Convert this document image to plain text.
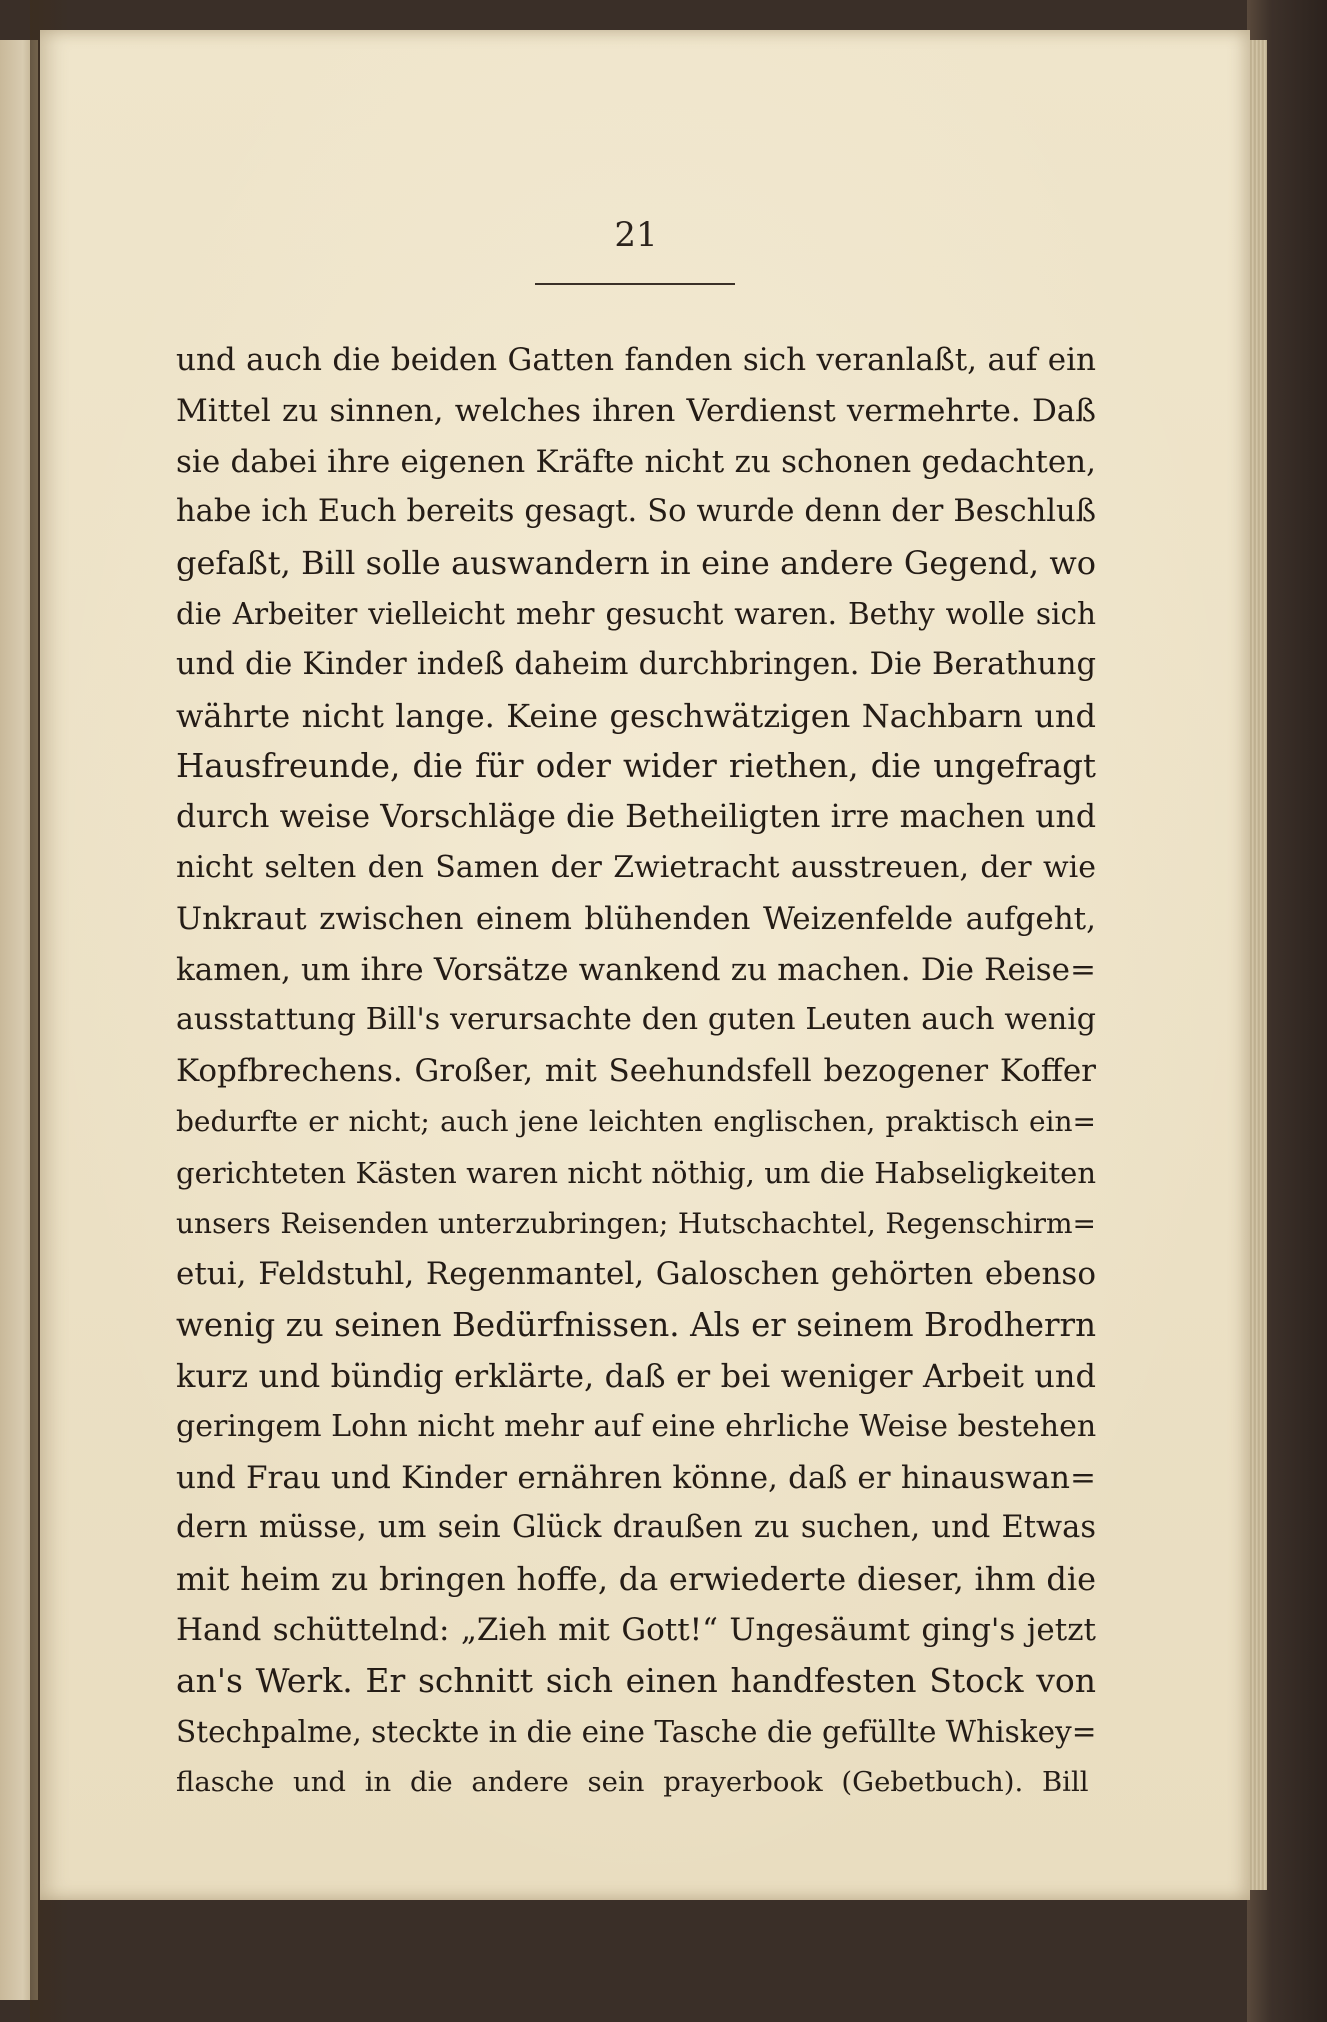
21
und auch die beiden Gatten fanden sich veranlaßt, auf ein
Mittel zu sinnen, welches ihren Verdienst vermehrte. Daß
sie dabei ihre eigenen Kräfte nicht zu schonen gedachten,
habe ich Euch bereits gesagt. So wurde denn der Beschluß
gefaßt, Bill solle auswandern in eine andere Gegend, wo
die Arbeiter vielleicht mehr gesucht waren. Bethy wolle sich
und die Kinder indeß daheim durchbringen. Die Berathung
währte nicht lange. Keine geschwätzigen Nachbarn und
Hausfreunde, die für oder wider riethen, die ungefragt
durch weise Vorschläge die Betheiligten irre machen und
nicht selten den Samen der Zwietracht ausstreuen, der wie
Unkraut zwischen einem blühenden Weizenfelde aufgeht,
kamen, um ihre Vorsätze wankend zu machen. Die Reise=
ausstattung Bill's verursachte den guten Leuten auch wenig
Kopfbrechens. Großer, mit Seehundsfell bezogener Koffer
bedurfte er nicht; auch jene leichten englischen, praktisch ein=
gerichteten Kästen waren nicht nöthig, um die Habseligkeiten
unsers Reisenden unterzubringen; Hutschachtel, Regenschirm=
etui, Feldstuhl, Regenmantel, Galoschen gehörten ebenso
wenig zu seinen Bedürfnissen. Als er seinem Brodherrn
kurz und bündig erklärte, daß er bei weniger Arbeit und
geringem Lohn nicht mehr auf eine ehrliche Weise bestehen
und Frau und Kinder ernähren könne, daß er hinauswan=
dern müsse, um sein Glück draußen zu suchen, und Etwas
mit heim zu bringen hoffe, da erwiederte dieser, ihm die
Hand schüttelnd: „Zieh mit Gott!“ Ungesäumt ging's jetzt
an's Werk. Er schnitt sich einen handfesten Stock von
Stechpalme, steckte in die eine Tasche die gefüllte Whiskey=
flasche und in die andere sein prayerbook (Gebetbuch). Bill
